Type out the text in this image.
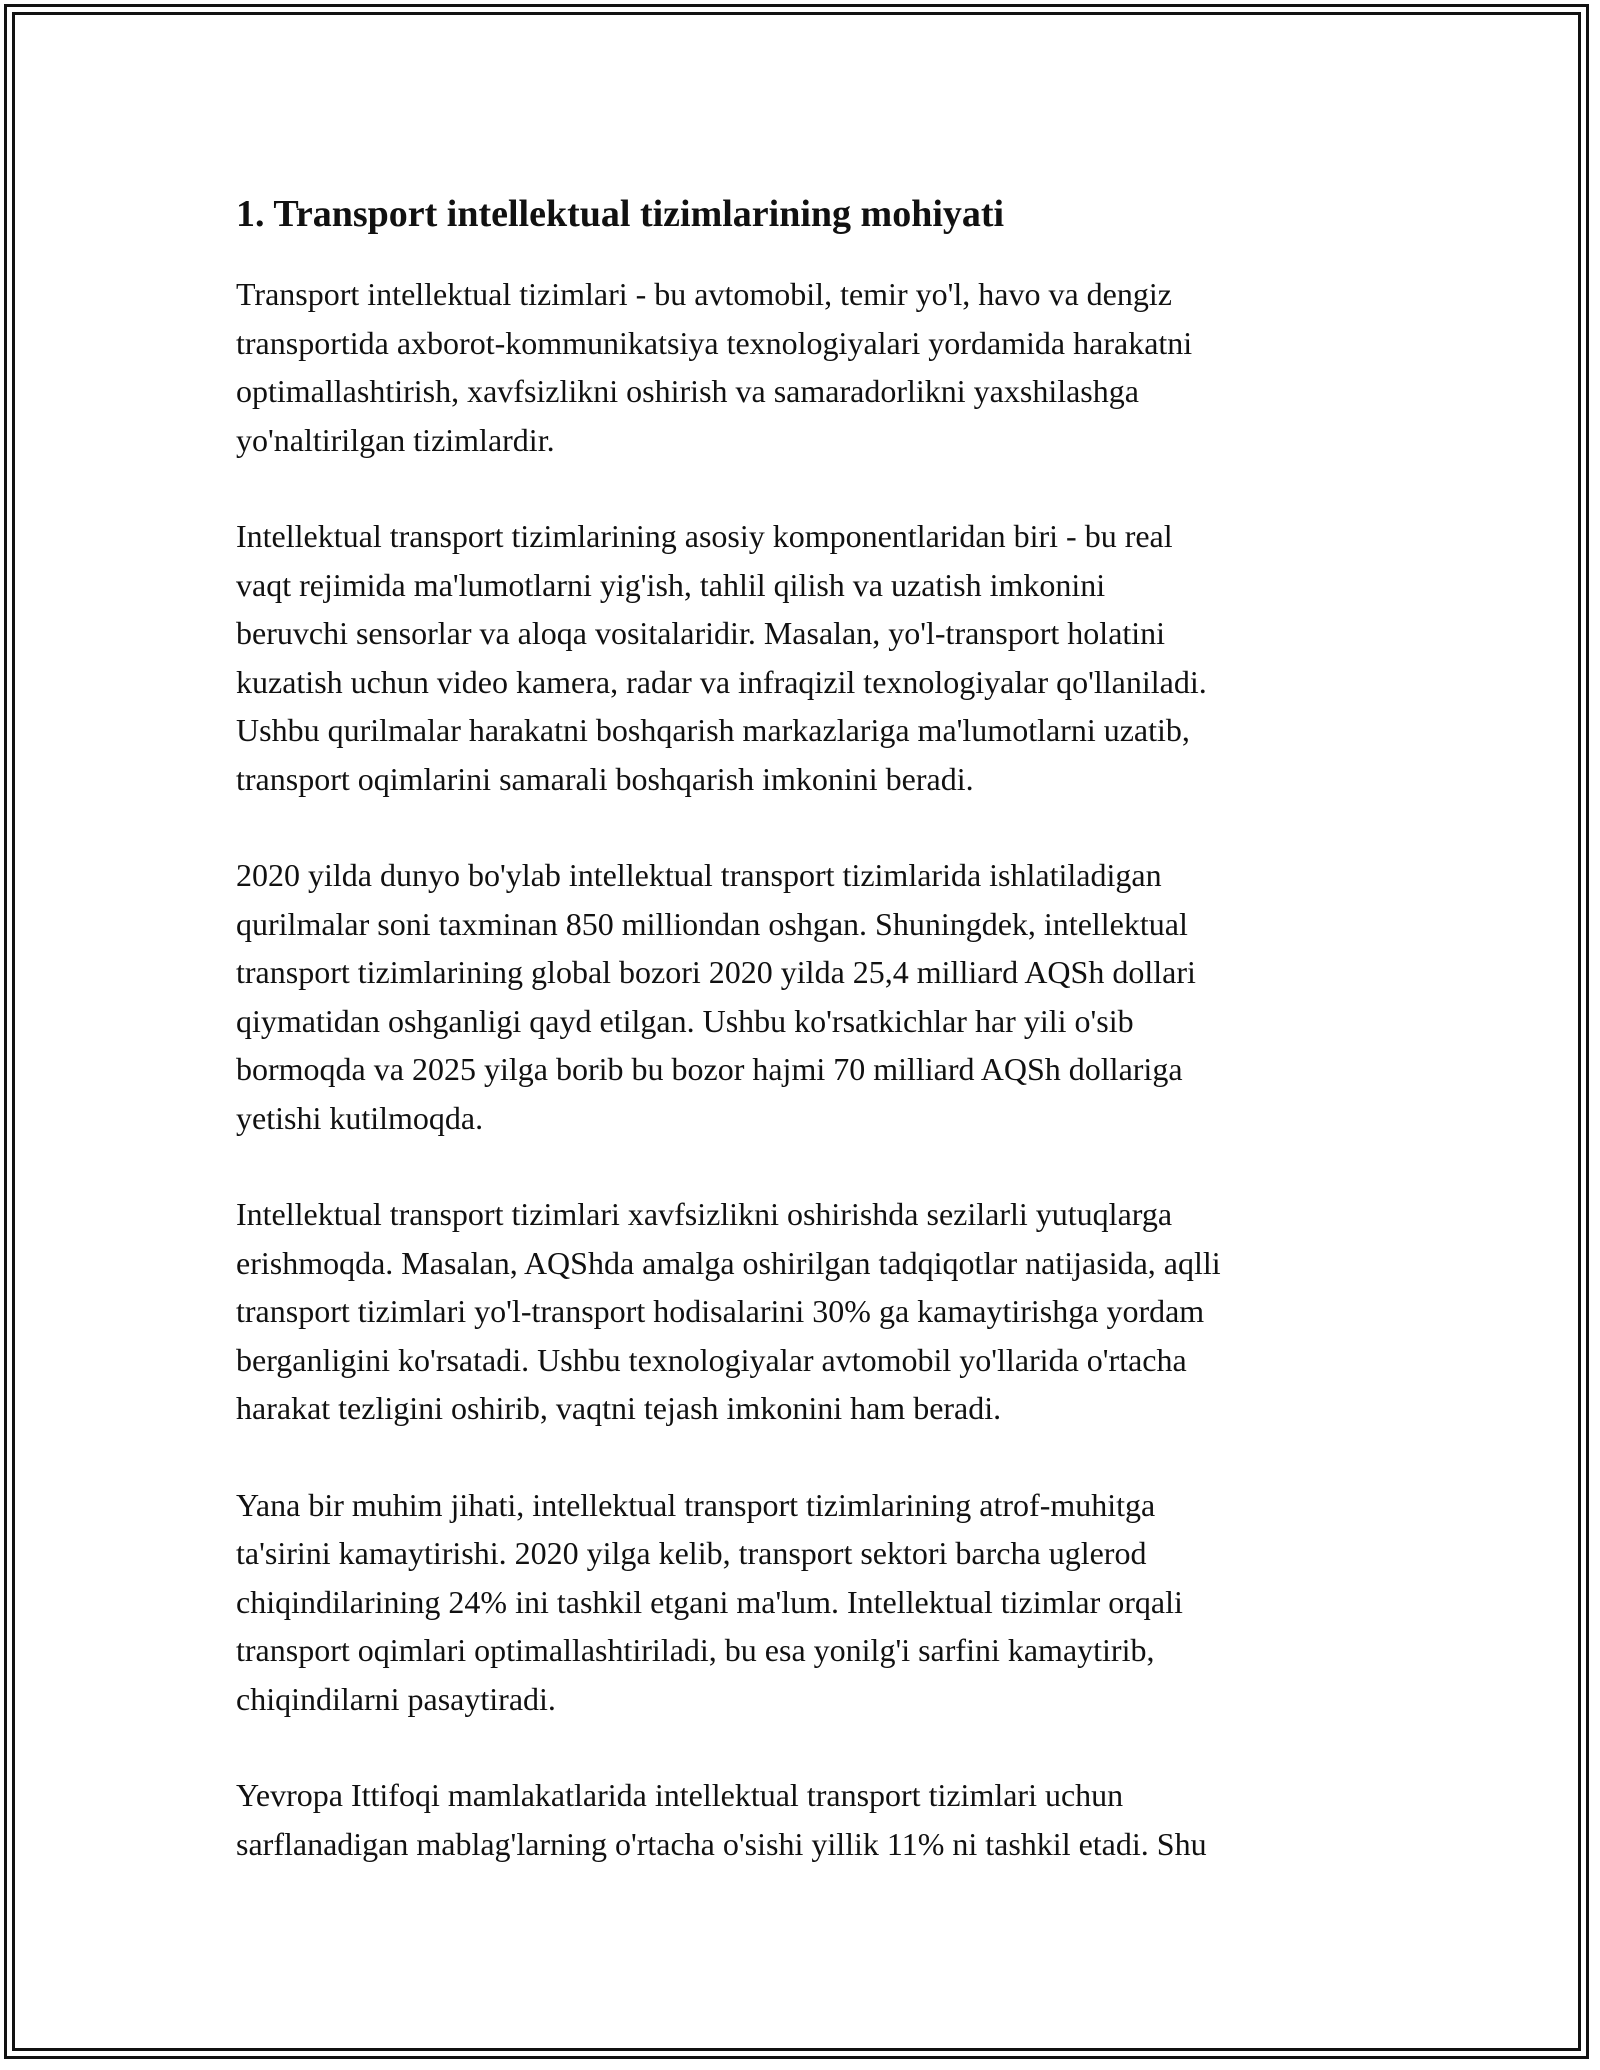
1. Transport intellektual tizimlarining mohiyati

Transport intellektual tizimlari - bu avtomobil, temir yo'l, havo va dengiz
transportida axborot-kommunikatsiya texnologiyalari yordamida harakatni
optimallashtirish, xavfsizlikni oshirish va samaradorlikni yaxshilashga
yo'naltirilgan tizimlardir.

Intellektual transport tizimlarining asosiy komponentlaridan biri - bu real
vaqt rejimida ma'lumotlarni yig'ish, tahlil qilish va uzatish imkonini
beruvchi sensorlar va aloqa vositalaridir. Masalan, yo'l-transport holatini
kuzatish uchun video kamera, radar va infraqizil texnologiyalar qo'llaniladi.
Ushbu qurilmalar harakatni boshqarish markazlariga ma'lumotlarni uzatib,
transport oqimlarini samarali boshqarish imkonini beradi.

2020 yilda dunyo bo'ylab intellektual transport tizimlarida ishlatiladigan
qurilmalar soni taxminan 850 milliondan oshgan. Shuningdek, intellektual
transport tizimlarining global bozori 2020 yilda 25,4 milliard AQSh dollari
qiymatidan oshganligi qayd etilgan. Ushbu ko'rsatkichlar har yili o'sib
bormoqda va 2025 yilga borib bu bozor hajmi 70 milliard AQSh dollariga
yetishi kutilmoqda.

Intellektual transport tizimlari xavfsizlikni oshirishda sezilarli yutuqlarga
erishmoqda. Masalan, AQShda amalga oshirilgan tadqiqotlar natijasida, aqlli
transport tizimlari yo'l-transport hodisalarini 30% ga kamaytirishga yordam
berganligini ko'rsatadi. Ushbu texnologiyalar avtomobil yo'llarida o'rtacha
harakat tezligini oshirib, vaqtni tejash imkonini ham beradi.

Yana bir muhim jihati, intellektual transport tizimlarining atrof-muhitga
ta'sirini kamaytirishi. 2020 yilga kelib, transport sektori barcha uglerod
chiqindilarining 24% ini tashkil etgani ma'lum. Intellektual tizimlar orqali
transport oqimlari optimallashtiriladi, bu esa yonilg'i sarfini kamaytirib,
chiqindilarni pasaytiradi.

Yevropa Ittifoqi mamlakatlarida intellektual transport tizimlari uchun
sarflanadigan mablag'larning o'rtacha o'sishi yillik 11% ni tashkil etadi. Shu
